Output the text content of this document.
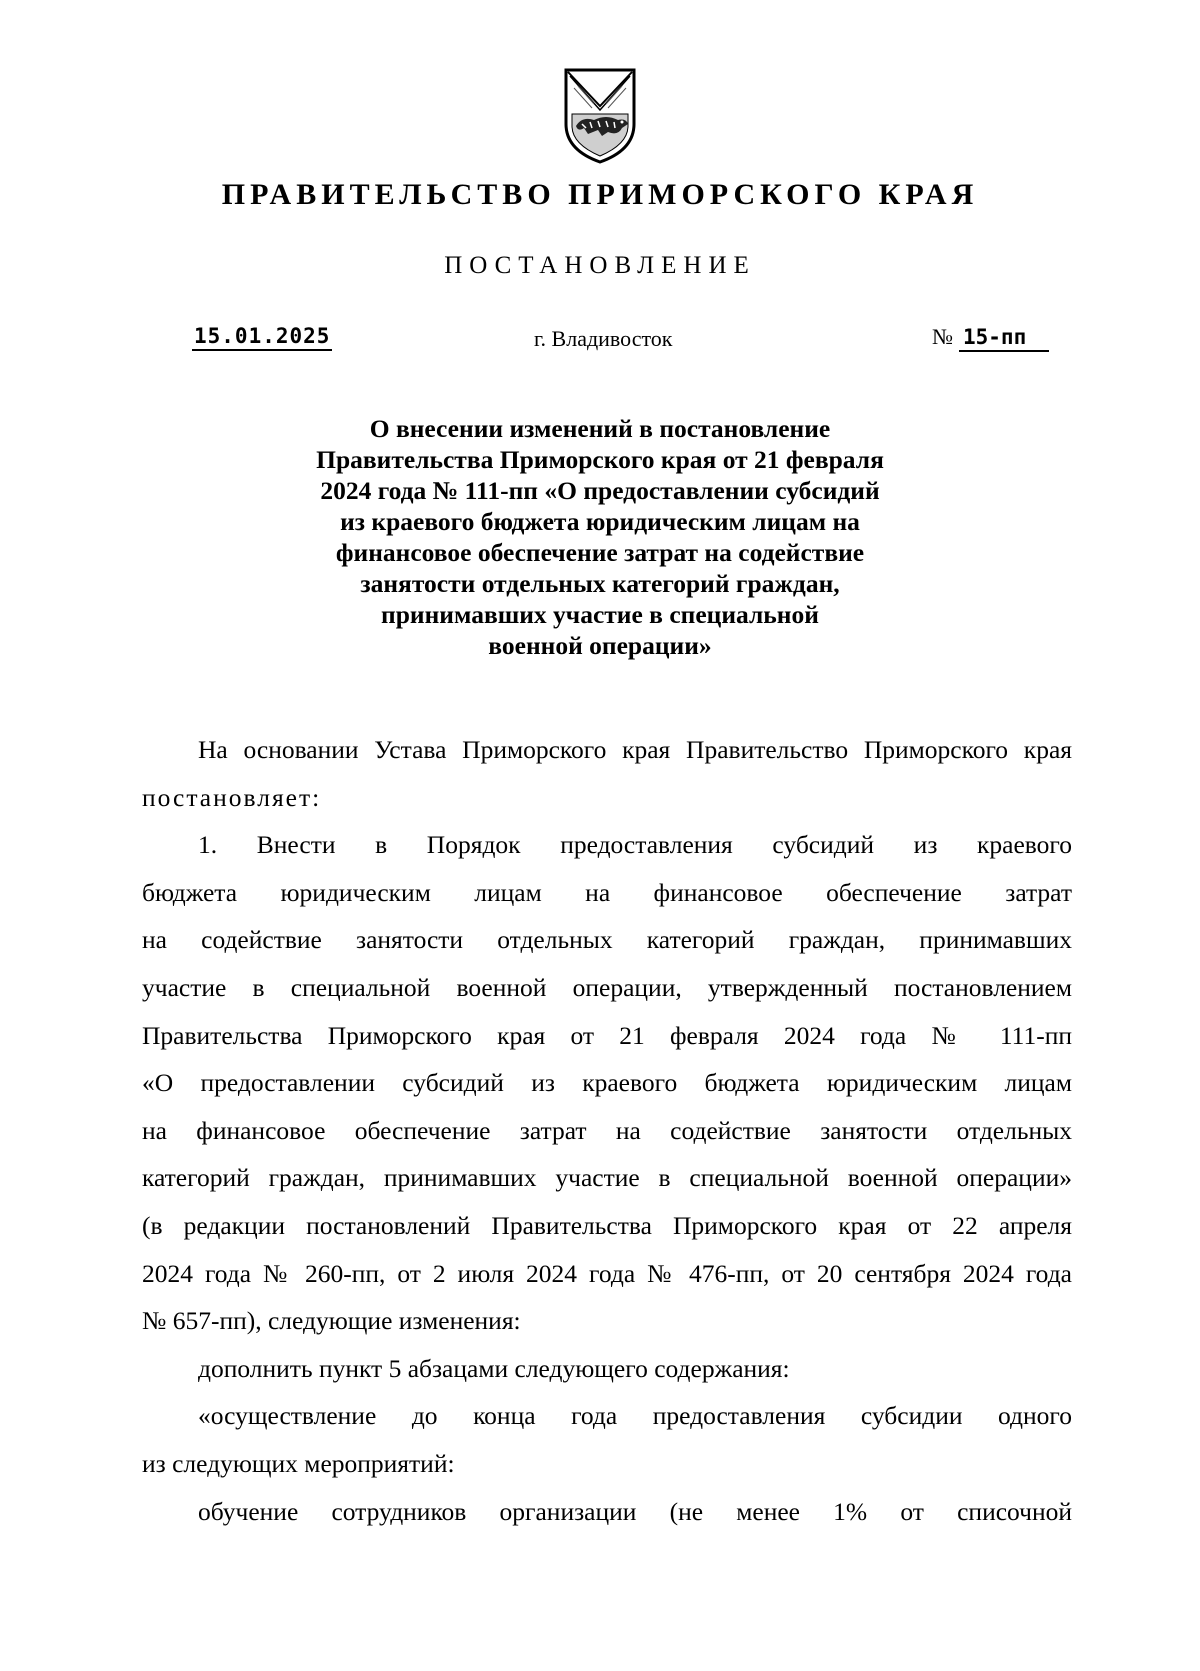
ПРАВИТЕЛЬСТВО ПРИМОРСКОГО КРАЯ
ПОСТАНОВЛЕНИЕ
15.01.2025	г. Владивосток	№ 15-пп
О внесении изменений в постановление
Правительства Приморского края от 21 февраля
2024 года № 111-пп «О предоставлении субсидий
из краевого бюджета юридическим лицам на
финансовое обеспечение затрат на содействие
занятости отдельных категорий граждан,
принимавших участие в специальной
военной операции»
На основании Устава Приморского края Правительство Приморского края
постановляет:
1. Внести в Порядок предоставления субсидий из краевого
бюджета юридическим лицам на финансовое обеспечение затрат
на содействие занятости отдельных категорий граждан, принимавших
участие в специальной военной операции, утвержденный постановлением
Правительства Приморского края от 21 февраля 2024 года № 111-пп
«О предоставлении субсидий из краевого бюджета юридическим лицам
на финансовое обеспечение затрат на содействие занятости отдельных
категорий граждан, принимавших участие в специальной военной операции»
(в редакции постановлений Правительства Приморского края от 22 апреля
2024 года № 260-пп, от 2 июля 2024 года № 476-пп, от 20 сентября 2024 года
№ 657-пп), следующие изменения:
дополнить пункт 5 абзацами следующего содержания:
«осуществление до конца года предоставления субсидии одного
из следующих мероприятий:
обучение сотрудников организации (не менее 1% от списочной
